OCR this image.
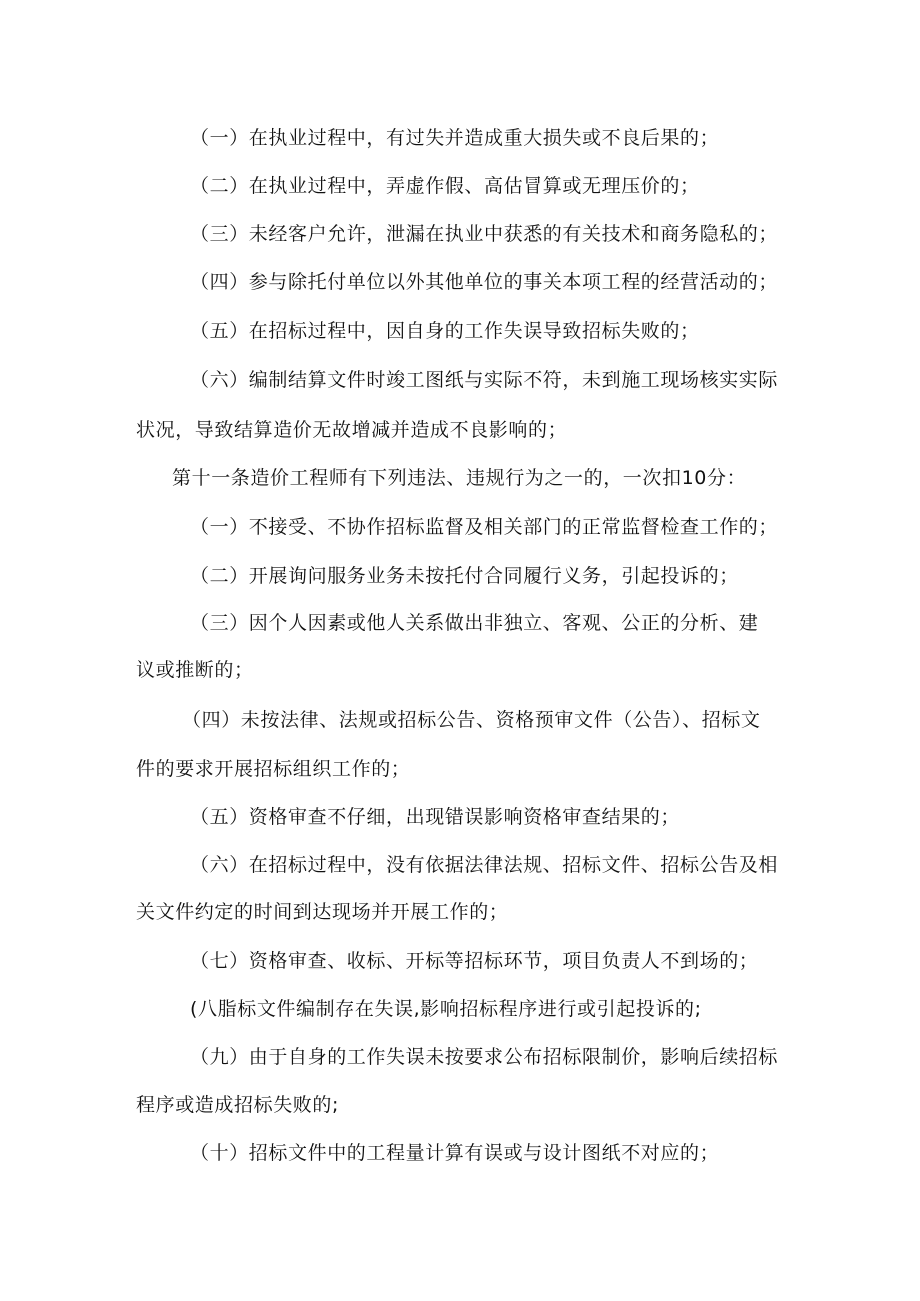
（一）在执业过程中，有过失并造成重大损失或不良后果的；

（二）在执业过程中，弄虚作假、高估冒算或无理压价的；

（三）未经客户允许，泄漏在执业中获悉的有关技术和商务隐私的；

（四）参与除托付单位以外其他单位的事关本项工程的经营活动的；

（五）在招标过程中，因自身的工作失误导致招标失败的；

（六）编制结算文件时竣工图纸与实际不符，未到施工现场核实实际

状况，导致结算造价无故增减并造成不良影响的；

第十一条造价工程师有下列违法、违规行为之一的，一次扣10分：

（一）不接受、不协作招标监督及相关部门的正常监督检查工作的；

（二）开展询问服务业务未按托付合同履行义务，引起投诉的；

（三）因个人因素或他人关系做出非独立、客观、公正的分析、建

议或推断的；

（四）未按法律、法规或招标公告、资格预审文件（公告）、招标文

件的要求开展招标组织工作的；

（五）资格审查不仔细，出现错误影响资格审查结果的；

（六）在招标过程中，没有依据法律法规、招标文件、招标公告及相

关文件约定的时间到达现场并开展工作的；

（七）资格审查、收标、开标等招标环节，项目负责人不到场的；

(八脂标文件编制存在失误,影响招标程序进行或引起投诉的;

（九）由于自身的工作失误未按要求公布招标限制价，影响后续招标

程序或造成招标失败的;

（十）招标文件中的工程量计算有误或与设计图纸不对应的；
